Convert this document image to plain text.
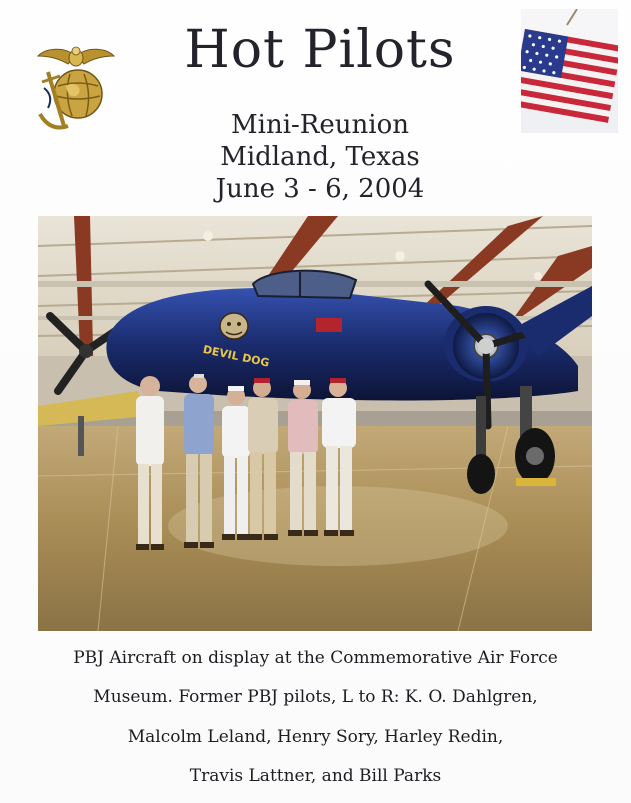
Hot Pilots
Mini-Reunion
Midland, Texas
June 3 - 6, 2004
DEVIL DOG
PBJ Aircraft on display at the Commemorative Air Force
Museum. Former PBJ pilots, L to R: K. O. Dahlgren,
Malcolm Leland, Henry Sory, Harley Redin,
Travis Lattner, and Bill Parks
